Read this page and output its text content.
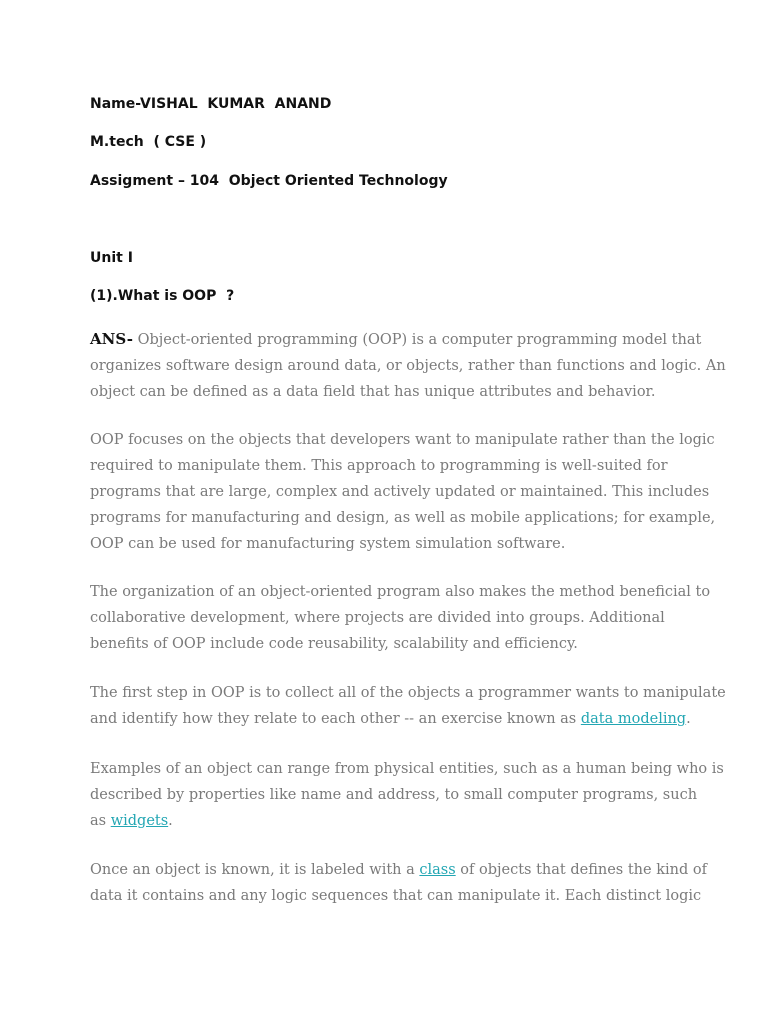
Name-VISHAL  KUMAR  ANAND

M.tech  ( CSE )

Assigment – 104  Object Oriented Technology

Unit I

(1).What is OOP  ?

ANS- Object-oriented programming (OOP) is a computer programming model that
organizes software design around data, or objects, rather than functions and logic. An
object can be defined as a data field that has unique attributes and behavior.
OOP focuses on the objects that developers want to manipulate rather than the logic
required to manipulate them. This approach to programming is well-suited for
programs that are large, complex and actively updated or maintained. This includes
programs for manufacturing and design, as well as mobile applications; for example,
OOP can be used for manufacturing system simulation software.
The organization of an object-oriented program also makes the method beneficial to
collaborative development, where projects are divided into groups. Additional
benefits of OOP include code reusability, scalability and efficiency.
The first step in OOP is to collect all of the objects a programmer wants to manipulate
and identify how they relate to each other -- an exercise known as data modeling.
Examples of an object can range from physical entities, such as a human being who is
described by properties like name and address, to small computer programs, such
as widgets.
Once an object is known, it is labeled with a class of objects that defines the kind of
data it contains and any logic sequences that can manipulate it. Each distinct logic
